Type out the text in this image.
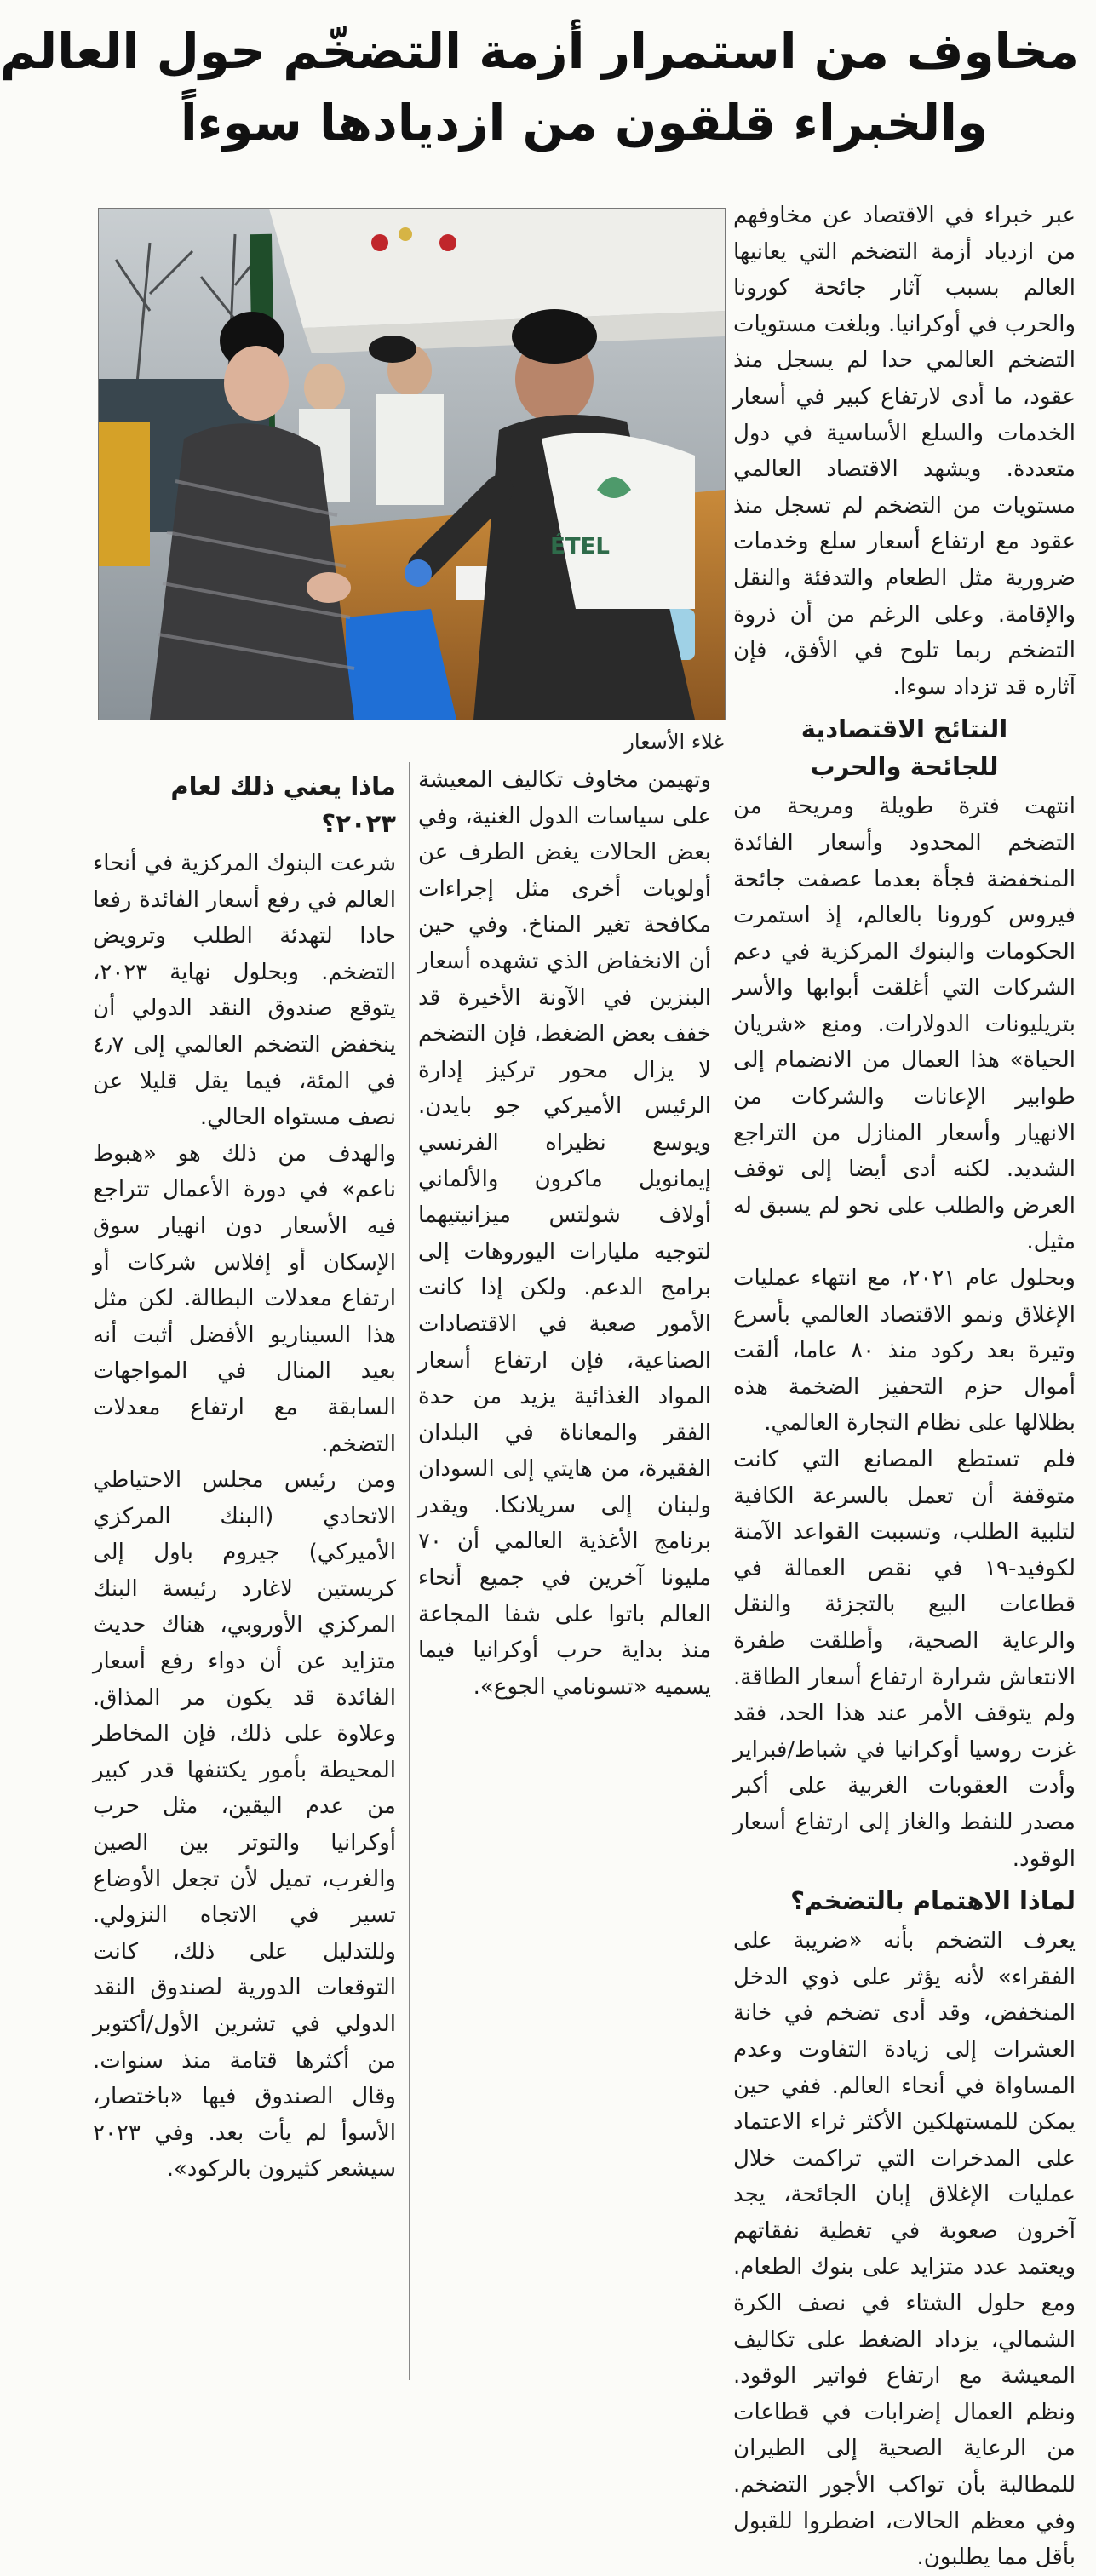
مخاوف من استمرار أزمة التضخّم حول العالم
والخبراء قلقون من ازديادها سوءاً
ÉTEL
غلاء الأسعار

عبر خبراء في الاقتصاد عن مخاوفهم من ازدياد أزمة التضخم التي يعانيها العالم بسبب آثار جائحة كورونا والحرب في أوكرانيا. وبلغت مستويات التضخم العالمي حدا لم يسجل منذ عقود، ما أدى لارتفاع كبير في أسعار الخدمات والسلع الأساسية في دول متعددة. ويشهد الاقتصاد العالمي مستويات من التضخم لم تسجل منذ عقود مع ارتفاع أسعار سلع وخدمات ضرورية مثل الطعام والتدفئة والنقل والإقامة. وعلى الرغم من أن ذروة التضخم ربما تلوح في الأفق، فإن آثاره قد تزداد سوءا.

النتائج الاقتصادية
للجائحة والحرب

انتهت فترة طويلة ومريحة من التضخم المحدود وأسعار الفائدة المنخفضة فجأة بعدما عصفت جائحة فيروس كورونا بالعالم، إذ استمرت الحكومات والبنوك المركزية في دعم الشركات التي أغلقت أبوابها والأسر بتريليونات الدولارات. ومنع «شريان الحياة» هذا العمال من الانضمام إلى طوابير الإعانات والشركات من الانهيار وأسعار المنازل من التراجع الشديد. لكنه أدى أيضا إلى توقف العرض والطلب على نحو لم يسبق له مثيل.

وبحلول عام ٢٠٢١، مع انتهاء عمليات الإغلاق ونمو الاقتصاد العالمي بأسرع وتيرة بعد ركود منذ ٨٠ عاما، ألقت أموال حزم التحفيز الضخمة هذه بظلالها على نظام التجارة العالمي.

فلم تستطع المصانع التي كانت متوقفة أن تعمل بالسرعة الكافية لتلبية الطلب، وتسببت القواعد الآمنة لكوفيد-١٩ في نقص العمالة في قطاعات البيع بالتجزئة والنقل والرعاية الصحية، وأطلقت طفرة الانتعاش شرارة ارتفاع أسعار الطاقة. ولم يتوقف الأمر عند هذا الحد، فقد غزت روسيا أوكرانيا في شباط/فبراير وأدت العقوبات الغربية على أكبر مصدر للنفط والغاز إلى ارتفاع أسعار الوقود.

لماذا الاهتمام بالتضخم؟

يعرف التضخم بأنه «ضريبة على الفقراء» لأنه يؤثر على ذوي الدخل المنخفض، وقد أدى تضخم في خانة العشرات إلى زيادة التفاوت وعدم المساواة في أنحاء العالم. ففي حين يمكن للمستهلكين الأكثر ثراء الاعتماد على المدخرات التي تراكمت خلال عمليات الإغلاق إبان الجائحة، يجد آخرون صعوبة في تغطية نفقاتهم ويعتمد عدد متزايد على بنوك الطعام. ومع حلول الشتاء في نصف الكرة الشمالي، يزداد الضغط على تكاليف المعيشة مع ارتفاع فواتير الوقود. ونظم العمال إضرابات في قطاعات من الرعاية الصحية إلى الطيران للمطالبة بأن تواكب الأجور التضخم. وفي معظم الحالات، اضطروا للقبول بأقل مما يطلبون.

وتهيمن مخاوف تكاليف المعيشة على سياسات الدول الغنية، وفي بعض الحالات يغض الطرف عن أولويات أخرى مثل إجراءات مكافحة تغير المناخ. وفي حين أن الانخفاض الذي تشهده أسعار البنزين في الآونة الأخيرة قد خفف بعض الضغط، فإن التضخم لا يزال محور تركيز إدارة الرئيس الأميركي جو بايدن. ويوسع نظيراه الفرنسي إيمانويل ماكرون والألماني أولاف شولتس ميزانيتيهما لتوجيه مليارات اليوروهات إلى برامج الدعم. ولكن إذا كانت الأمور صعبة في الاقتصادات الصناعية، فإن ارتفاع أسعار المواد الغذائية يزيد من حدة الفقر والمعاناة في البلدان الفقيرة، من هايتي إلى السودان ولبنان إلى سريلانكا. ويقدر برنامج الأغذية العالمي أن ٧٠ مليونا آخرين في جميع أنحاء العالم باتوا على شفا المجاعة منذ بداية حرب أوكرانيا فيما يسميه «تسونامي الجوع».

ماذا يعني ذلك لعام ٢٠٢٣؟

شرعت البنوك المركزية في أنحاء العالم في رفع أسعار الفائدة رفعا حادا لتهدئة الطلب وترويض التضخم. وبحلول نهاية ٢٠٢٣، يتوقع صندوق النقد الدولي أن ينخفض التضخم العالمي إلى ٤٫٧ في المئة، فيما يقل قليلا عن نصف مستواه الحالي.

والهدف من ذلك هو «هبوط ناعم» في دورة الأعمال تتراجع فيه الأسعار دون انهيار سوق الإسكان أو إفلاس شركات أو ارتفاع معدلات البطالة. لكن مثل هذا السيناريو الأفضل أثبت أنه بعيد المنال في المواجهات السابقة مع ارتفاع معدلات التضخم.

ومن رئيس مجلس الاحتياطي الاتحادي (البنك المركزي الأميركي) جيروم باول إلى كريستين لاغارد رئيسة البنك المركزي الأوروبي، هناك حديث متزايد عن أن دواء رفع أسعار الفائدة قد يكون مر المذاق. وعلاوة على ذلك، فإن المخاطر المحيطة بأمور يكتنفها قدر كبير من عدم اليقين، مثل حرب أوكرانيا والتوتر بين الصين والغرب، تميل لأن تجعل الأوضاع تسير في الاتجاه النزولي. وللتدليل على ذلك، كانت التوقعات الدورية لصندوق النقد الدولي في تشرين الأول/أكتوبر من أكثرها قتامة منذ سنوات. وقال الصندوق فيها «باختصار، الأسوأ لم يأت بعد. وفي ٢٠٢٣ سيشعر كثيرون بالركود».
